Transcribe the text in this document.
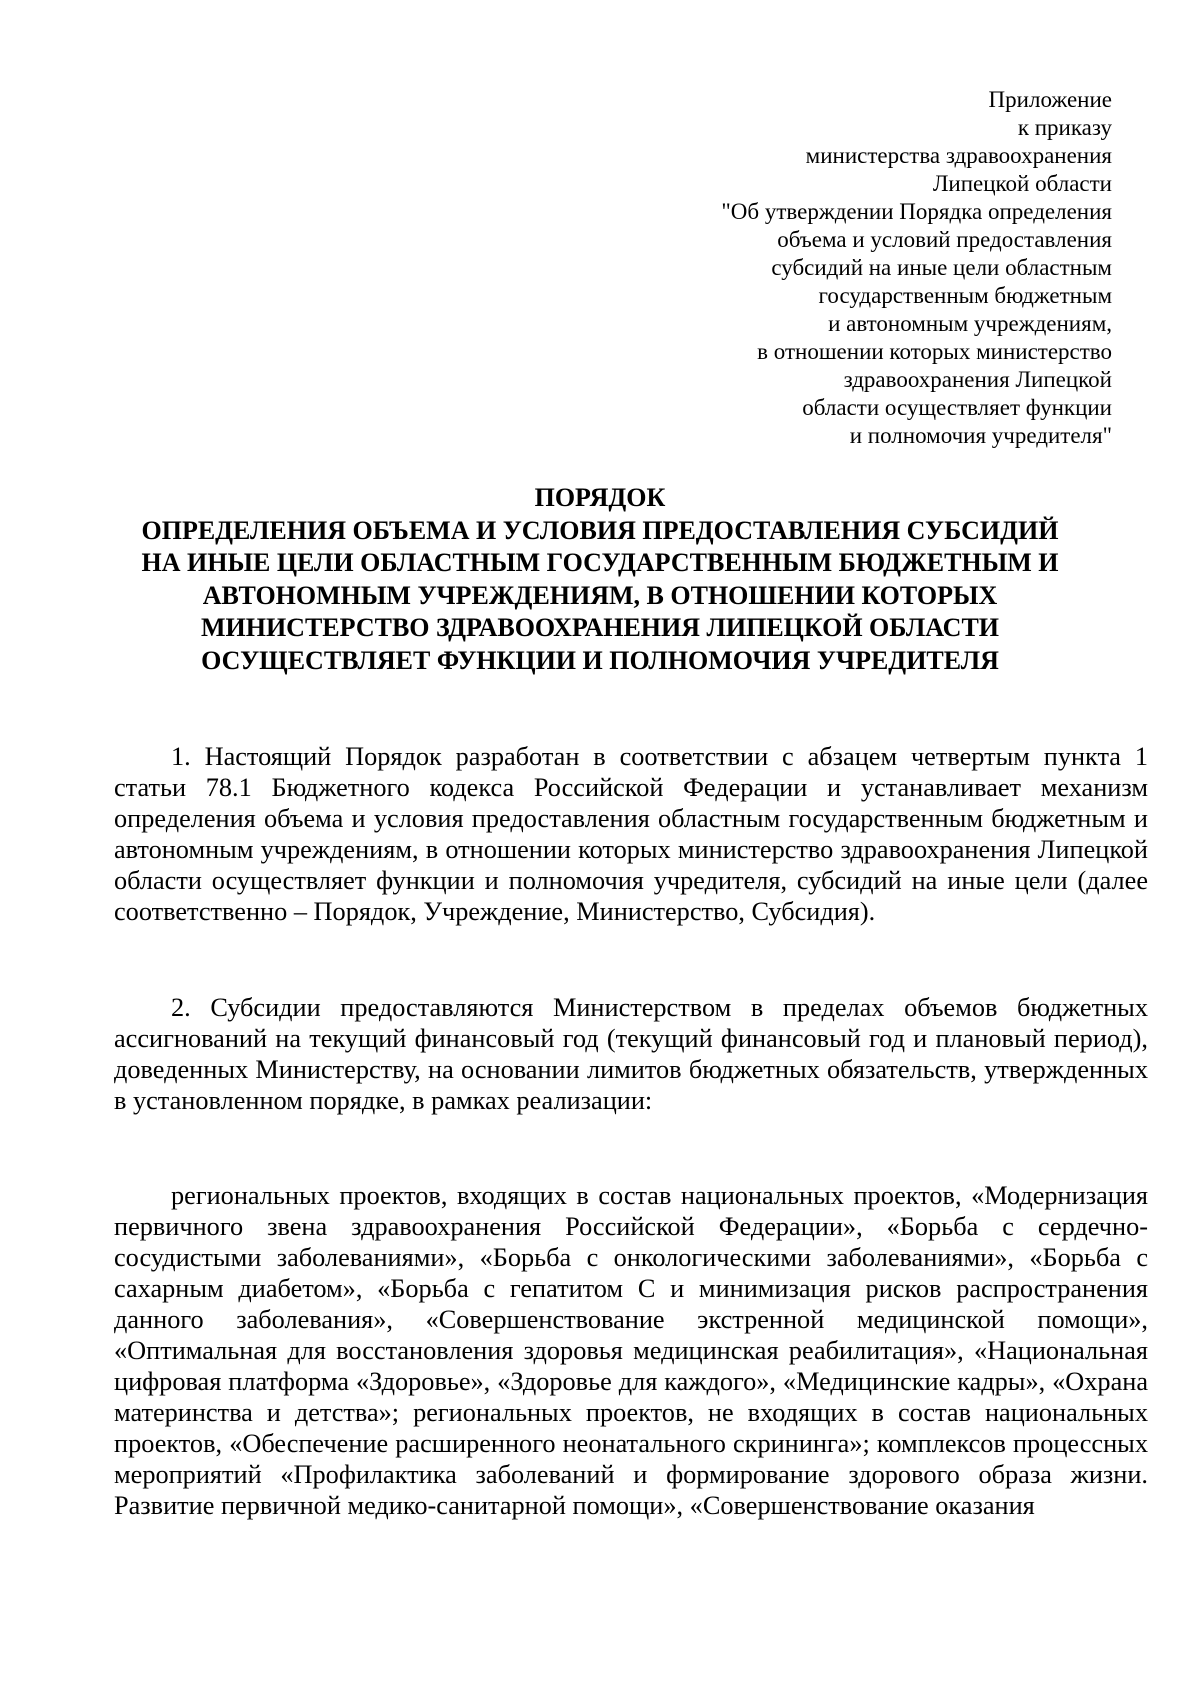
Приложение
к приказу
министерства здравоохранения
Липецкой области
"Об утверждении Порядка определения
объема и условий предоставления
субсидий на иные цели областным
государственным бюджетным
и автономным учреждениям,
в отношении которых министерство
здравоохранения Липецкой
области осуществляет функции
и полномочия учредителя"
ПОРЯДОК
ОПРЕДЕЛЕНИЯ ОБЪЕМА И УСЛОВИЯ ПРЕДОСТАВЛЕНИЯ СУБСИДИЙ
НА ИНЫЕ ЦЕЛИ ОБЛАСТНЫМ ГОСУДАРСТВЕННЫМ БЮДЖЕТНЫМ И
АВТОНОМНЫМ УЧРЕЖДЕНИЯМ, В ОТНОШЕНИИ КОТОРЫХ
МИНИСТЕРСТВО ЗДРАВООХРАНЕНИЯ ЛИПЕЦКОЙ ОБЛАСТИ
ОСУЩЕСТВЛЯЕТ ФУНКЦИИ И ПОЛНОМОЧИЯ УЧРЕДИТЕЛЯ

1. Настоящий Порядок разработан в соответствии с абзацем четвертым пункта 1 статьи 78.1 Бюджетного кодекса Российской Федерации и устанавливает механизм определения объема и условия предоставления областным государственным бюджетным и автономным учреждениям, в отношении которых министерство здравоохранения Липецкой области осуществляет функции и полномочия учредителя, субсидий на иные цели (далее соответственно – Порядок, Учреждение, Министерство, Субсидия).

2. Субсидии предоставляются Министерством в пределах объемов бюджетных ассигнований на текущий финансовый год (текущий финансовый год и плановый период), доведенных Министерству, на основании лимитов бюджетных обязательств, утвержденных в установленном порядке, в рамках реализации:

региональных проектов, входящих в состав национальных проектов, «Модернизация первичного звена здравоохранения Российской Федерации», «Борьба с сердечно-сосудистыми заболеваниями», «Борьба с онкологическими заболеваниями», «Борьба с сахарным диабетом», «Борьба с гепатитом С и минимизация рисков распространения данного заболевания», «Совершенствование экстренной медицинской помощи», «Оптимальная для восстановления здоровья медицинская реабилитация», «Национальная цифровая платформа «Здоровье», «Здоровье для каждого», «Медицинские кадры», «Охрана материнства и детства»; региональных проектов, не входящих в состав национальных проектов, «Обеспечение расширенного неонатального скрининга»; комплексов процессных мероприятий «Профилактика заболеваний и формирование здорового образа жизни. Развитие первичной медико-санитарной помощи», «Совершенствование оказания
